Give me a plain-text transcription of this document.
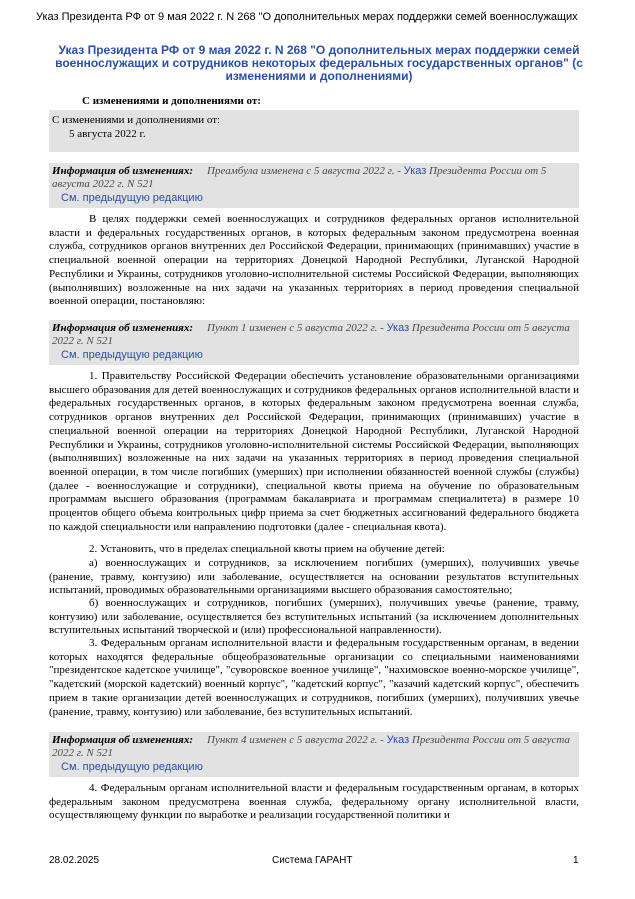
Указ Президента РФ от 9 мая 2022 г. N 268 "О дополнительных мерах поддержки семей военнослужащих
Указ Президента РФ от 9 мая 2022 г. N 268 "О дополнительных мерах поддержки семей военнослужащих и сотрудников некоторых федеральных государственных органов" (с изменениями и дополнениями)
С изменениями и дополнениями от:
С изменениями и дополнениями от:
5 августа 2022 г.
Информация об изменениях: Преамбула изменена с 5 августа 2022 г. - Указ Президента России от 5 августа 2022 г. N 521
См. предыдущую редакцию

В целях поддержки семей военнослужащих и сотрудников федеральных органов исполнительной власти и федеральных государственных органов, в которых федеральным законом предусмотрена военная служба, сотрудников органов внутренних дел Российской Федерации, принимающих (принимавших) участие в специальной военной операции на территориях Донецкой Народной Республики, Луганской Народной Республики и Украины, сотрудников уголовно-исполнительной системы Российской Федерации, выполняющих (выполнявших) возложенные на них задачи на указанных территориях в период проведения специальной военной операции, постановляю:

Информация об изменениях: Пункт 1 изменен с 5 августа 2022 г. - Указ Президента России от 5 августа 2022 г. N 521
См. предыдущую редакцию

1. Правительству Российской Федерации обеспечить установление образовательными организациями высшего образования для детей военнослужащих и сотрудников федеральных органов исполнительной власти и федеральных государственных органов, в которых федеральным законом предусмотрена военная служба, сотрудников органов внутренних дел Российской Федерации, принимающих (принимавших) участие в специальной военной операции на территориях Донецкой Народной Республики, Луганской Народной Республики и Украины, сотрудников уголовно-исполнительной системы Российской Федерации, выполняющих (выполнявших) возложенные на них задачи на указанных территориях в период проведения специальной военной операции, в том числе погибших (умерших) при исполнении обязанностей военной службы (службы) (далее - военнослужащие и сотрудники), специальной квоты приема на обучение по образовательным программам высшего образования (программам бакалавриата и программам специалитета) в размере 10 процентов общего объема контрольных цифр приема за счет бюджетных ассигнований федерального бюджета по каждой специальности или направлению подготовки (далее - специальная квота).

2. Установить, что в пределах специальной квоты прием на обучение детей:

а) военнослужащих и сотрудников, за исключением погибших (умерших), получивших увечье (ранение, травму, контузию) или заболевание, осуществляется на основании результатов вступительных испытаний, проводимых образовательными организациями высшего образования самостоятельно;

б) военнослужащих и сотрудников, погибших (умерших), получивших увечье (ранение, травму, контузию) или заболевание, осуществляется без вступительных испытаний (за исключением дополнительных вступительных испытаний творческой и (или) профессиональной направленности).

3. Федеральным органам исполнительной власти и федеральным государственным органам, в ведении которых находятся федеральные общеобразовательные организации со специальными наименованиями "президентское кадетское училище", "суворовское военное училище", "нахимовское военно-морское училище", "кадетский (морской кадетский) военный корпус", "кадетский корпус", "казачий кадетский корпус", обеспечить прием в такие организации детей военнослужащих и сотрудников, погибших (умерших), получивших увечье (ранение, травму, контузию) или заболевание, без вступительных испытаний.

Информация об изменениях: Пункт 4 изменен с 5 августа 2022 г. - Указ Президента России от 5 августа 2022 г. N 521
См. предыдущую редакцию

4. Федеральным органам исполнительной власти и федеральным государственным органам, в которых федеральным законом предусмотрена военная служба, федеральному органу исполнительной власти, осуществляющему функции по выработке и реализации государственной политики и

28.02.2025	Система ГАРАНТ	1
